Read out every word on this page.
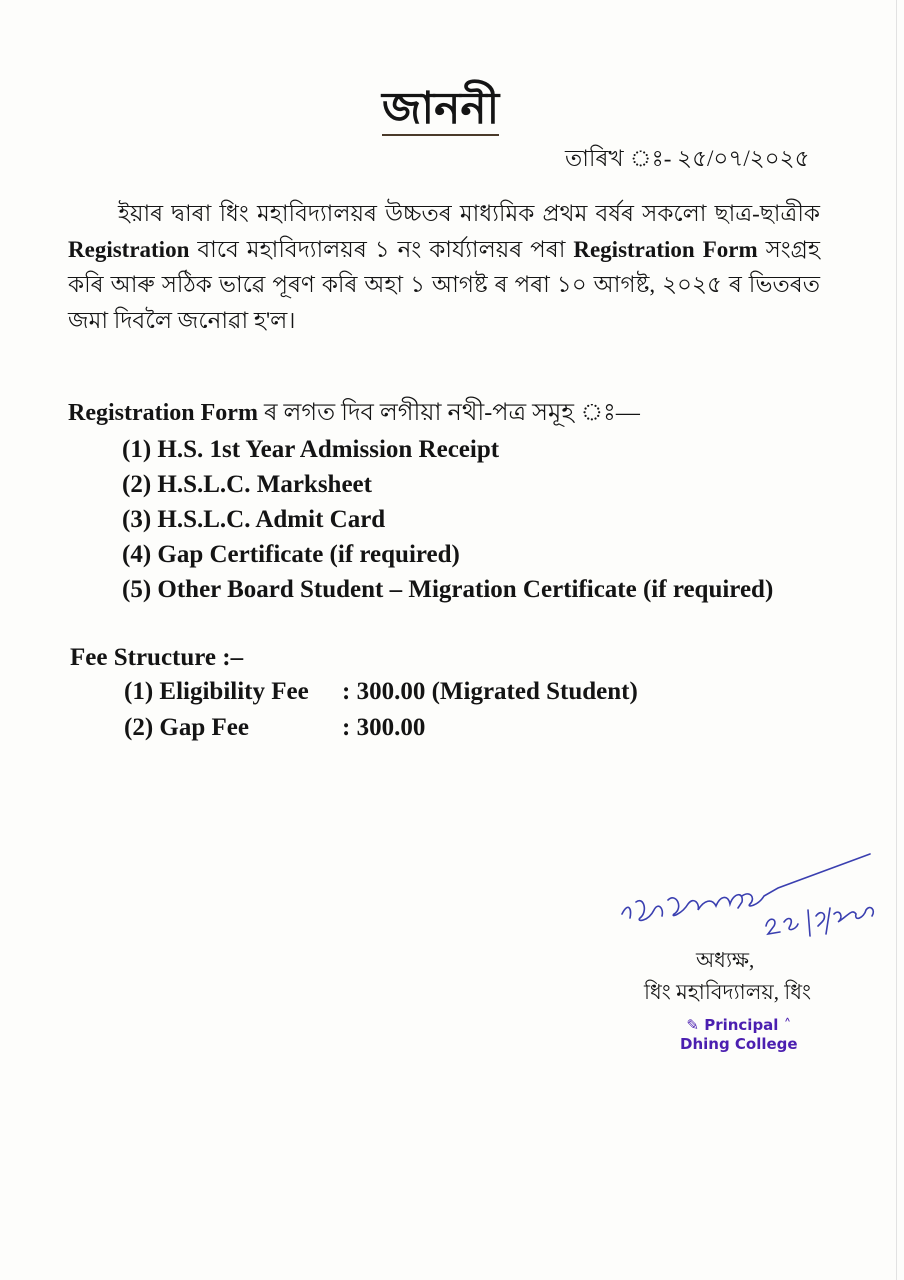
জাননী
তাৰিখ ঃ- ২৫/০৭/২০২৫
ইয়াৰ দ্বাৰা ধিং মহাবিদ্যালয়ৰ উচ্চতৰ মাধ্যমিক প্ৰথম বৰ্ষৰ সকলো ছাত্ৰ-ছাত্ৰীক Registration বাবে মহাবিদ্যালয়ৰ ১ নং কাৰ্য্যালয়ৰ পৰা Registration Form সংগ্ৰহ কৰি আৰু সঠিক ভাৱে পূৰণ কৰি অহা ১ আগষ্ট ৰ পৰা ১০ আগষ্ট, ২০২৫ ৰ ভিতৰত জমা দিবলৈ জনোৱা হ'ল।
Registration Form ৰ লগত দিব লগীয়া নথী-পত্ৰ সমূহ ঃ—
(1) H.S. 1st Year Admission Receipt
(2) H.S.L.C. Marksheet
(3) H.S.L.C. Admit Card
(4) Gap Certificate (if required)
(5) Other Board Student – Migration Certificate (if required)
Fee Structure :–
(1) Eligibility Fee	: 300.00 (Migrated Student)
(2) Gap Fee	: 300.00
অধ্যক্ষ,
ধিং মহাবিদ্যালয়, ধিং
✎ Principal ˄
Dhing College
